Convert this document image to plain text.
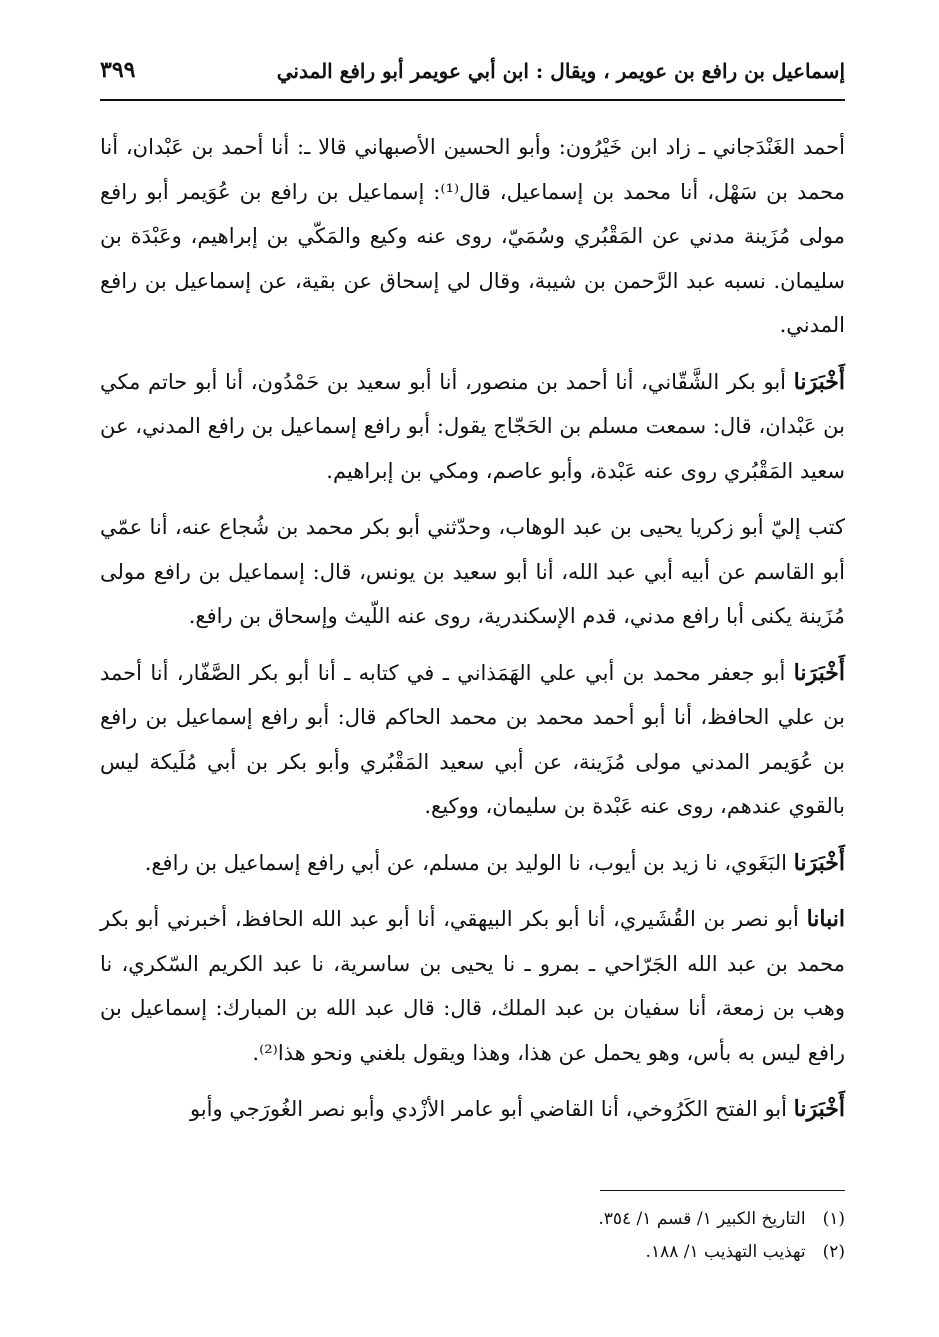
إسماعيل بن رافع بن عويمر ، ويقال : ابن أبي عويمر أبو رافع المدني
٣٩٩

أحمد الغَنْدَجاني ـ زاد ابن خَيْرُون: وأبو الحسين الأصبهاني قالا ـ: أنا أحمد بن عَبْدان، أنا محمد بن سَهْل، أنا محمد بن إسماعيل، قال⁽¹⁾: إسماعيل بن رافع بن عُوَيمر أبو رافع مولى مُزَينة مدني عن المَقْبُري وسُمَيّ، روى عنه وكيع والمَكّي بن إبراهيم، وعَبْدَة بن سليمان. نسبه عبد الرَّحمن بن شيبة، وقال لي إسحاق عن بقية، عن إسماعيل بن رافع المدني.

أَخْبَرَنا أبو بكر الشَّقّاني، أنا أحمد بن منصور، أنا أبو سعيد بن حَمْدُون، أنا أبو حاتم مكي بن عَبْدان، قال: سمعت مسلم بن الحَجّاج يقول: أبو رافع إسماعيل بن رافع المدني، عن سعيد المَقْبُري روى عنه عَبْدة، وأبو عاصم، ومكي بن إبراهيم.

كتب إليّ أبو زكريا يحيى بن عبد الوهاب، وحدّثني أبو بكر محمد بن شُجاع عنه، أنا عمّي أبو القاسم عن أبيه أبي عبد الله، أنا أبو سعيد بن يونس، قال: إسماعيل بن رافع مولى مُزَينة يكنى أبا رافع مدني، قدم الإسكندرية، روى عنه اللّيث وإسحاق بن رافع.

أَخْبَرَنا أبو جعفر محمد بن أبي علي الهَمَذاني ـ في كتابه ـ أنا أبو بكر الصَّفّار، أنا أحمد بن علي الحافظ، أنا أبو أحمد محمد بن محمد الحاكم قال: أبو رافع إسماعيل بن رافع بن عُوَيمر المدني مولى مُزَينة، عن أبي سعيد المَقْبُري وأبو بكر بن أبي مُلَيكة ليس بالقوي عندهم، روى عنه عَبْدة بن سليمان، ووكيع.

أَخْبَرَنا البَغَوي، نا زيد بن أيوب، نا الوليد بن مسلم، عن أبي رافع إسماعيل بن رافع.

انبانا أبو نصر بن القُشَيري، أنا أبو بكر البيهقي، أنا أبو عبد الله الحافظ، أخبرني أبو بكر محمد بن عبد الله الجَرّاحي ـ بمرو ـ نا يحيى بن ساسرية، نا عبد الكريم السّكري، نا وهب بن زمعة، أنا سفيان بن عبد الملك، قال: قال عبد الله بن المبارك: إسماعيل بن رافع ليس به بأس، وهو يحمل عن هذا، وهذا ويقول بلغني ونحو هذا⁽²⁾.

أَخْبَرَنا أبو الفتح الكَرُوخي، أنا القاضي أبو عامر الأزْدي وأبو نصر الغُورَجي وأبو

(١) التاريخ الكبير ١/ قسم ١/ ٣٥٤.
(٢) تهذيب التهذيب ١/ ١٨٨.
